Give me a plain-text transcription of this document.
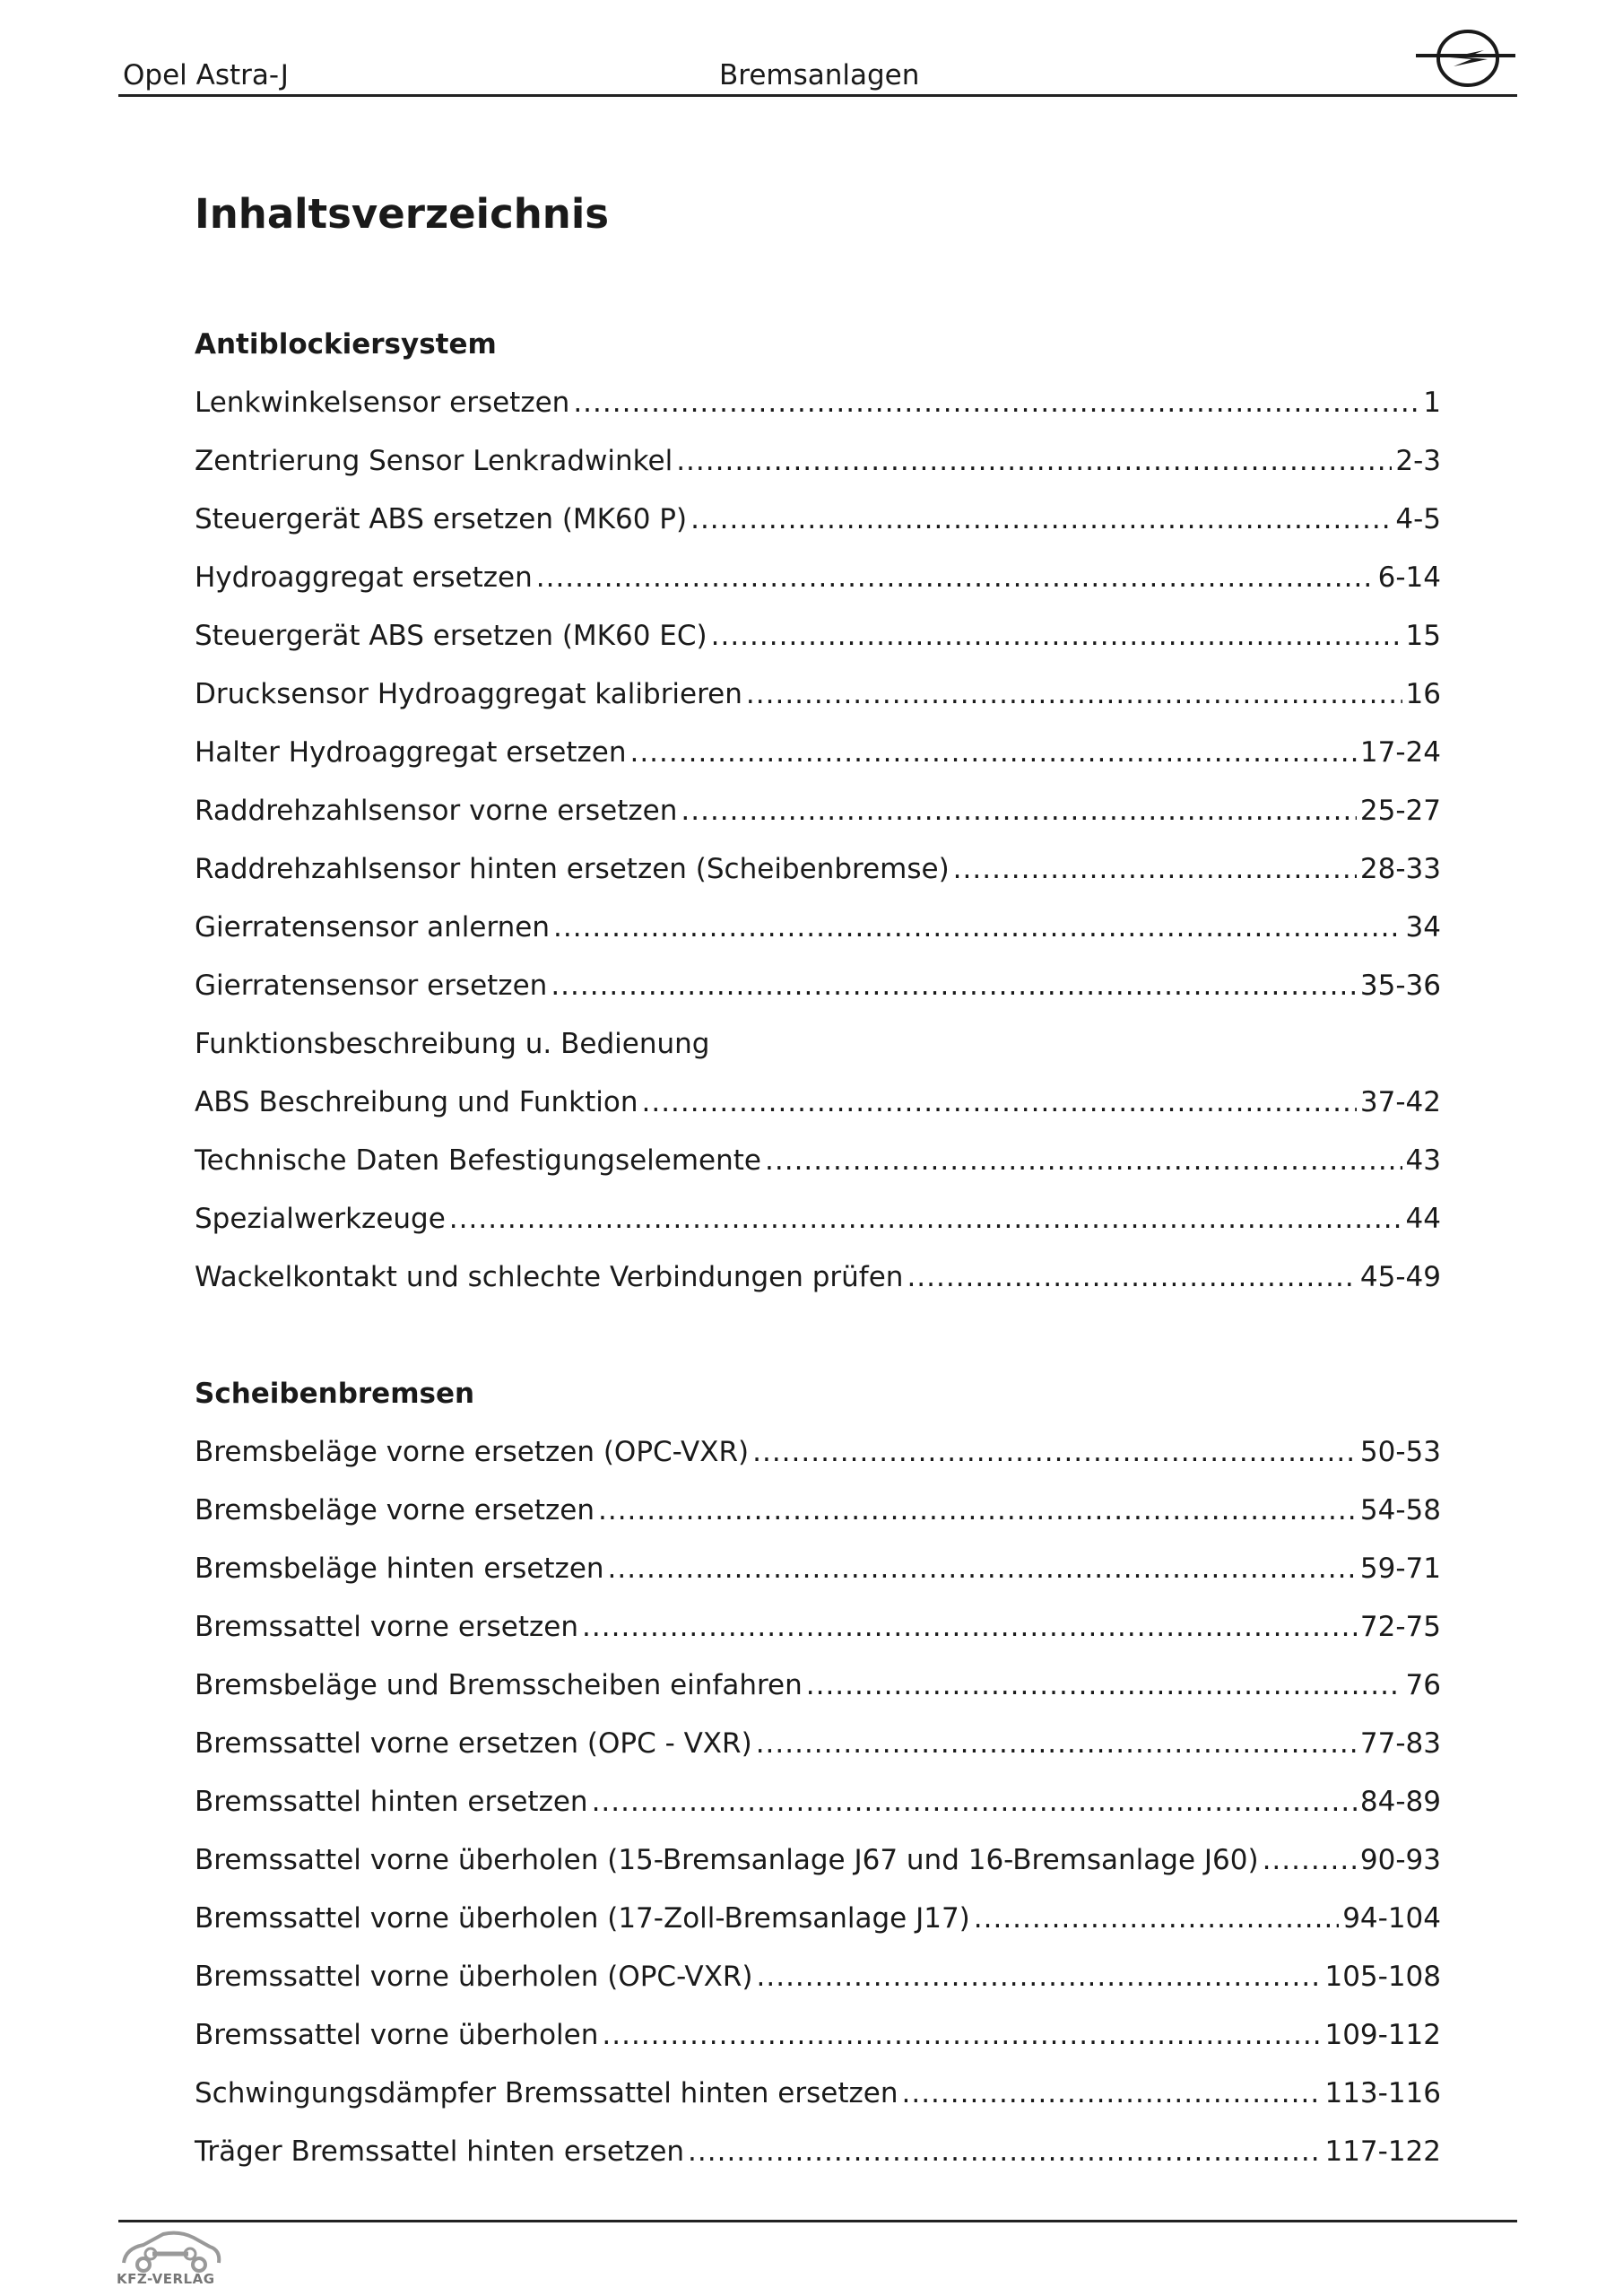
Opel Astra-J	Bremsanlagen
Inhaltsverzeichnis
Antiblockiersystem
Lenkwinkelsensor ersetzen .....	1
Zentrierung Sensor Lenkradwinkel .....	2-3
Steuergerät ABS ersetzen (MK60 P) .....	4-5
Hydroaggregat ersetzen .....	6-14
Steuergerät ABS ersetzen (MK60 EC) .....	15
Drucksensor Hydroaggregat kalibrieren .....	16
Halter Hydroaggregat ersetzen .....	17-24
Raddrehzahlsensor vorne ersetzen .....	25-27
Raddrehzahlsensor hinten ersetzen (Scheibenbremse) .....	28-33
Gierratensensor anlernen .....	34
Gierratensensor ersetzen .....	35-36
Funktionsbeschreibung u. Bedienung
ABS Beschreibung und Funktion .....	37-42
Technische Daten Befestigungselemente .....	43
Spezialwerkzeuge .....	44
Wackelkontakt und schlechte Verbindungen prüfen .....	45-49
Scheibenbremsen
Bremsbeläge vorne ersetzen (OPC-VXR) .....	50-53
Bremsbeläge vorne ersetzen .....	54-58
Bremsbeläge hinten ersetzen .....	59-71
Bremssattel vorne ersetzen .....	72-75
Bremsbeläge und Bremsscheiben einfahren .....	76
Bremssattel vorne ersetzen (OPC - VXR) .....	77-83
Bremssattel hinten ersetzen .....	84-89
Bremssattel vorne überholen (15-Bremsanlage J67 und 16-Bremsanlage J60) .....	90-93
Bremssattel vorne überholen (17-Zoll-Bremsanlage J17) .....	94-104
Bremssattel vorne überholen (OPC-VXR) .....	105-108
Bremssattel vorne überholen .....	109-112
Schwingungsdämpfer Bremssattel hinten ersetzen .....	113-116
Träger Bremssattel hinten ersetzen .....	117-122
KFZ-VERLAG
